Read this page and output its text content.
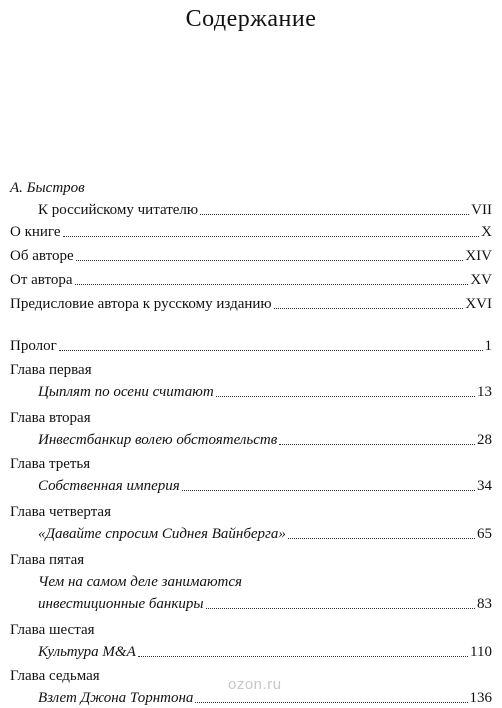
Содержание
А. Быстров
К российскому читателю	VII
О книге	X
Об авторе	XIV
От автора	XV
Предисловие автора к русскому изданию	XVI
Пролог	1
Глава первая
Цыплят по осени считают	13
Глава вторая
Инвестбанкир волею обстоятельств	28
Глава третья
Собственная империя	34
Глава четвертая
«Давайте спросим Сиднея Вайнберга»	65
Глава пятая
Чем на самом деле занимаются
инвестиционные банкиры	83
Глава шестая
Культура M&A	110
Глава седьмая
Взлет Джона Торнтона	136
ozon.ru
